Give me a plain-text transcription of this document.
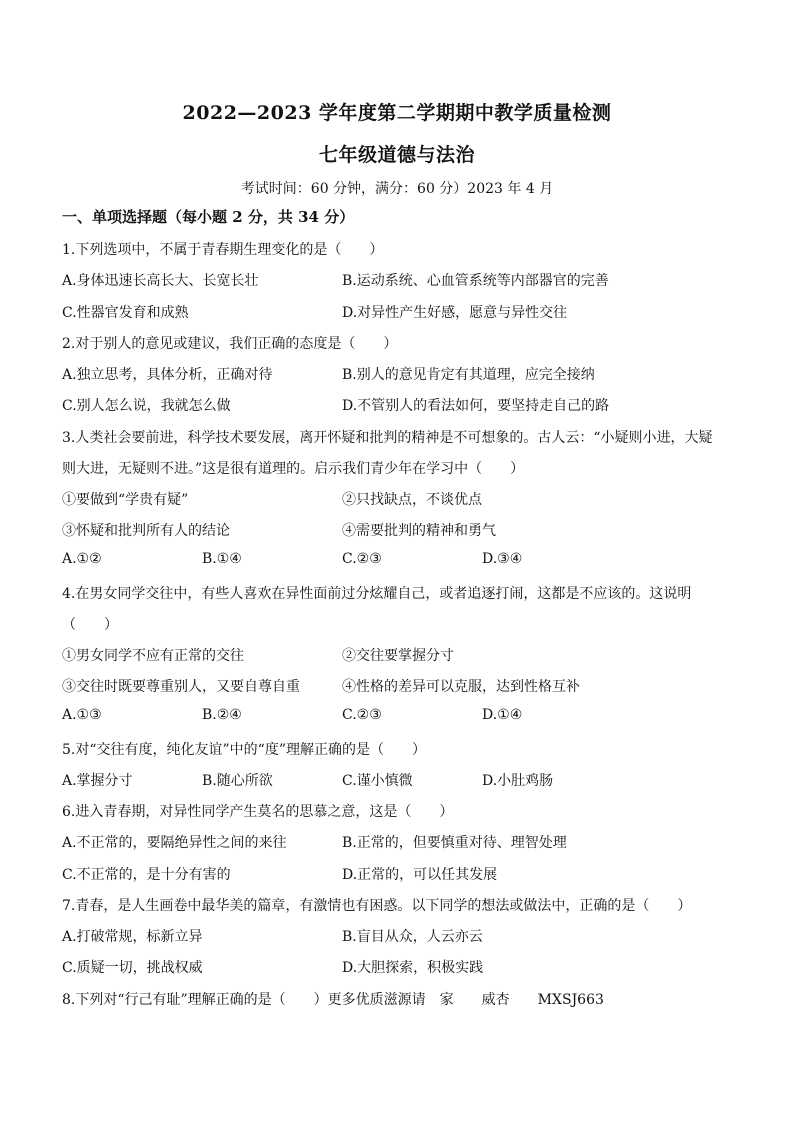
2022—2023 学年度第二学期期中教学质量检测
七年级道德与法治
考试时间：60 分钟，满分：60 分）2023 年 4 月
一、单项选择题（每小题 2 分，共 34 分）
1.下列选项中，不属于青春期生理变化的是（　　）
A.身体迅速长高长大、长宽长壮	B.运动系统、心血管系统等内部器官的完善
C.性器官发育和成熟	D.对异性产生好感，愿意与异性交往
2.对于别人的意见或建议，我们正确的态度是（　　）
A.独立思考，具体分析，正确对待	B.别人的意见肯定有其道理，应完全接纳
C.别人怎么说，我就怎么做	D.不管别人的看法如何，要坚持走自己的路
3.人类社会要前进，科学技术要发展，离开怀疑和批判的精神是不可想象的。古人云：“小疑则小进，大疑
则大进，无疑则不进。”这是很有道理的。启示我们青少年在学习中（　　）
①要做到“学贵有疑”	②只找缺点，不谈优点
③怀疑和批判所有人的结论	④需要批判的精神和勇气
A.①②	B.①④	C.②③	D.③④
4.在男女同学交往中，有些人喜欢在异性面前过分炫耀自己，或者追逐打闹，这都是不应该的。这说明
（　　）
①男女同学不应有正常的交往	②交往要掌握分寸
③交往时既要尊重别人，又要自尊自重	④性格的差异可以克服，达到性格互补
A.①③	B.②④	C.②③	D.①④
5.对“交往有度，纯化友谊”中的“度”理解正确的是（　　）
A.掌握分寸	B.随心所欲	C.谨小慎微	D.小肚鸡肠
6.进入青春期，对异性同学产生莫名的思慕之意，这是（　　）
A.不正常的，要隔绝异性之间的来往	B.正常的，但要慎重对待、理智处理
C.不正常的，是十分有害的	D.正常的，可以任其发展
7.青春，是人生画卷中最华美的篇章，有激情也有困惑。以下同学的想法或做法中，正确的是（　　）
A.打破常规，标新立异	B.盲目从众，人云亦云
C.质疑一切，挑战权威	D.大胆探索，积极实践
8.下列对“行己有耻”理解正确的是（　　）更多优质滋源请　家　　威杏　　MXSJ663
